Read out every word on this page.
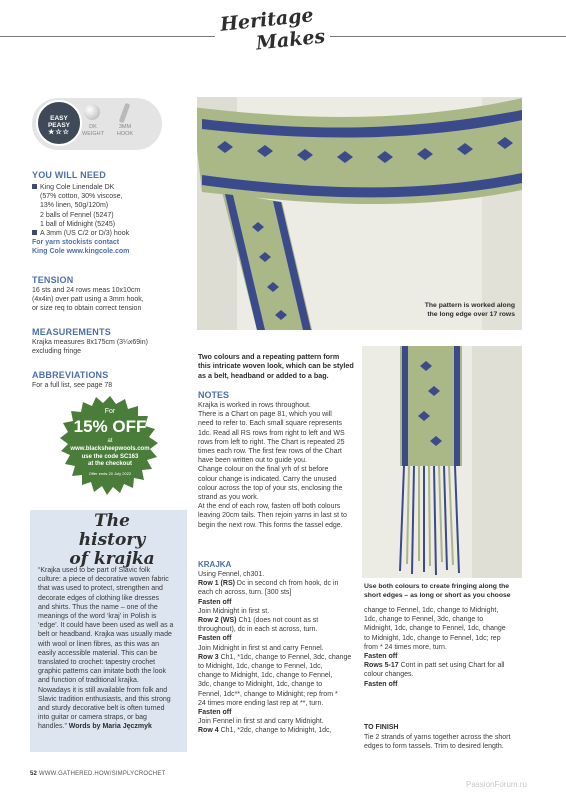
Heritage
Makes
EASY
PEASY
★☆☆
DK
WEIGHT
3MM
HOOK
YOU WILL NEED
King Cole Linendale DK
(57% cotton, 30% viscose,
13% linen, 50g/120m)
2 balls of Fennel (5247)
1 ball of Midnight (5245)
A 3mm (US C/2 or D/3) hook
For yarn stockists contact
King Cole www.kingcole.com
TENSION
16 sts and 24 rows meas 10x10cm
(4x4in) over patt using a 3mm hook,
or size req to obtain correct tension
MEASUREMENTS
Krajka measures 8x175cm (3¼x69in)
excluding fringe
ABBREVIATIONS
For a full list, see page 78
For
15% OFF
at
www.blacksheepwools.com
use the code SC163
at the checkout
Offer ends 20 July 2022
The history
of krajka
“Krajka used to be part of Slavic folk
culture: a piece of decorative woven fabric
that was used to protect, strengthen and
decorate edges of clothing like dresses
and shirts. Thus the name – one of the
meanings of the word ‘kraj’ in Polish is
‘edge’. It could have been used as well as a
belt or headband. Krajka was usually made
with wool or linen fibres, as this was an
easily accessible material. This can be
translated to crochet: tapestry crochet
graphic patterns can imitate both the look
and function of traditional krajka.
Nowadays it is still available from folk and
Slavic tradition enthusiasts, and this strong
and sturdy decorative belt is often turned
into guitar or camera straps, or bag
handles.” Words by Maria Jęczmyk
The pattern is worked along
the long edge over 17 rows
Two colours and a repeating pattern form
this intricate woven look, which can be styled
as a belt, headband or added to a bag.
NOTES
Krajka is worked in rows throughout.
There is a Chart on page 81, which you will
need to refer to. Each small square represents
1dc. Read all RS rows from right to left and WS
rows from left to right. The Chart is repeated 25
times each row. The first few rows of the Chart
have been written out to guide you.
Change colour on the final yrh of st before
colour change is indicated. Carry the unused
colour across the top of your sts, enclosing the
strand as you work.
At the end of each row, fasten off both colours
leaving 20cm tails. Then rejoin yarns in last st to
begin the next row. This forms the tassel edge.
KRAJKA
Using Fennel, ch301.
Row 1 (RS) Dc in second ch from hook, dc in
each ch across, turn. [300 sts]
Fasten off
Join Midnight in first st.
Row 2 (WS) Ch1 (does not count as st
throughout), dc in each st across, turn.
Fasten off
Join Midnight in first st and carry Fennel.
Row 3 Ch1, *1dc, change to Fennel, 3dc, change
to Midnight, 1dc, change to Fennel, 1dc,
change to Midnight, 1dc, change to Fennel,
3dc, change to Midnight, 1dc, change to
Fennel, 1dc**, change to Midnight; rep from *
24 times more ending last rep at **, turn.
Fasten off
Join Fennel in first st and carry Midnight.
Row 4 Ch1, *2dc, change to Midnight, 1dc,
Use both colours to create fringing along the
short edges – as long or short as you choose
change to Fennel, 1dc, change to Midnight,
1dc, change to Fennel, 3dc, change to
Midnight, 1dc, change to Fennel, 1dc, change
to Midnight, 1dc, change to Fennel, 1dc; rep
from * 24 times more, turn.
Fasten off
Rows 5-17 Cont in patt set using Chart for all
colour changes.
Fasten off
TO FINISH
Tie 2 strands of yarns together across the short
edges to form tassels. Trim to desired length.
52 WWW.GATHERED.HOW/SIMPLYCROCHET
PassionForum.ru
